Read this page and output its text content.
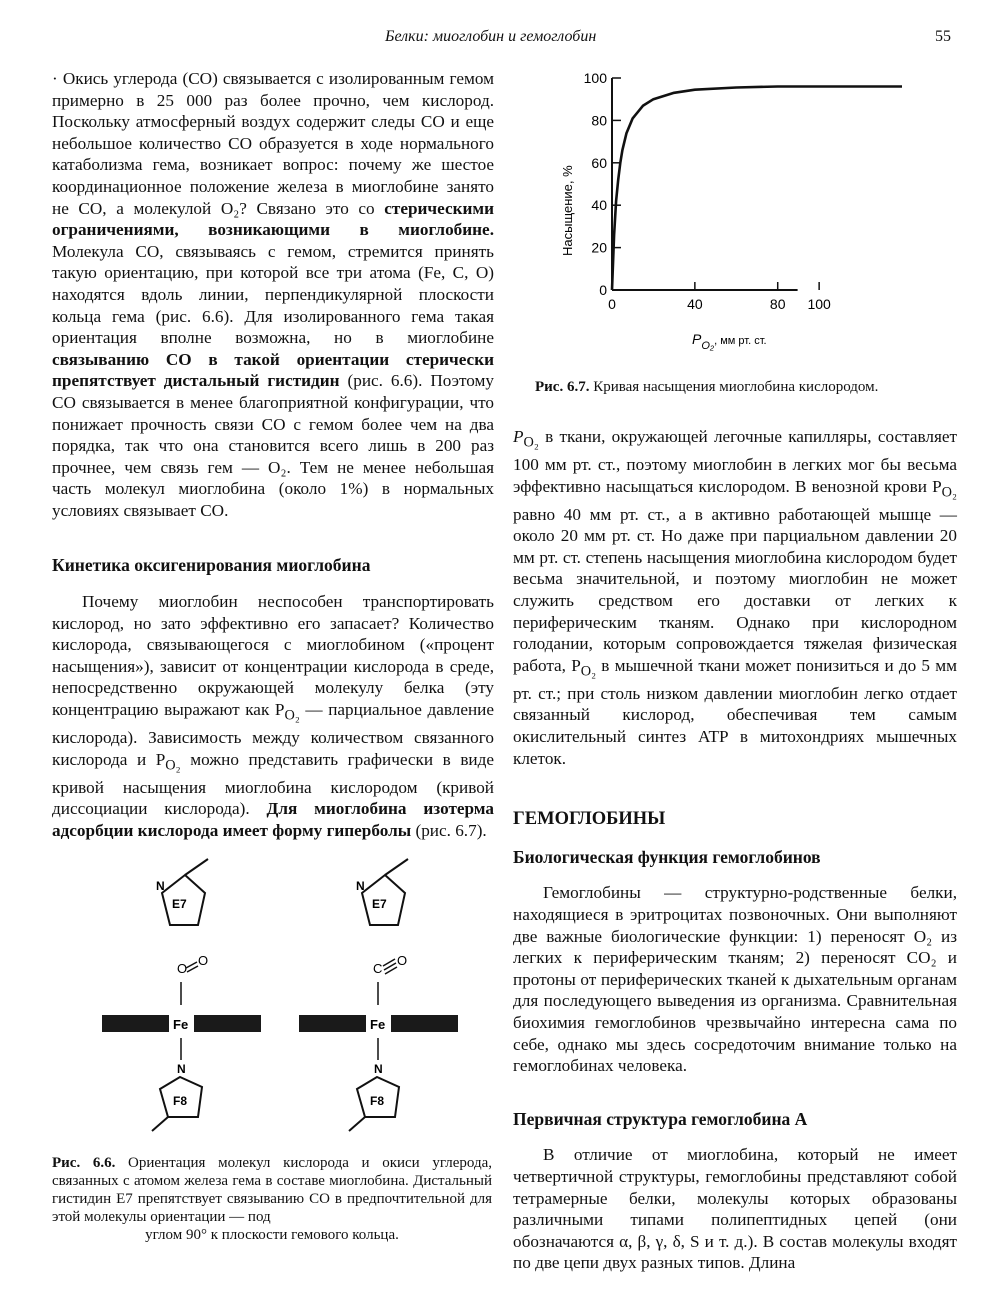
Белки: миоглобин и гемоглобин	55

· Окись углерода (CO) связывается с изолированным гемом примерно в 25 000 раз более прочно, чем кислород. Поскольку атмосферный воздух содержит следы CO и еще небольшое количество CO образуется в ходе нормального катаболизма гема, возникает вопрос: почему же шестое координационное положение железа в миоглобине занято не CO, а молекулой O₂? Связано это со стерическими ограничениями, возникающими в миоглобине. Молекула CO, связываясь с гемом, стремится принять такую ориентацию, при которой все три атома (Fe, C, O) находятся вдоль линии, перпендикулярной плоскости кольца гема (рис. 6.6). Для изолированного гема такая ориентация вполне возможна, но в миоглобине связыванию CO в такой ориентации стерически препятствует дистальный гистидин (рис. 6.6). Поэтому CO связывается в менее благоприятной конфигурации, что понижает прочность связи CO с гемом более чем на два порядка, так что она становится всего лишь в 200 раз прочнее, чем связь гем — O₂. Тем не менее небольшая часть молекул миоглобина (около 1%) в нормальных условиях связывает CO.

Кинетика оксигенирования миоглобина

Почему миоглобин неспособен транспортировать кислород, но зато эффективно его запасает? Количество кислорода, связывающегося с миоглобином («процент насыщения»), зависит от концентрации кислорода в среде, непосредственно окружающей молекулу белка (эту концентрацию выражают как $P_{O_2}$ — парциальное давление кислорода). Зависимость между количеством связанного кислорода и $P_{O_2}$ можно представить графически в виде кривой насыщения миоглобина кислородом (кривой диссоциации кислорода). Для миоглобина изотерма адсорбции кислорода имеет форму гиперболы (рис. 6.7).

Насыщение, %
$P_{O_2}^{, мм рт. ст.}$
0
20
40
60
80
100
0	40	80 100
Рис. 6.7. Кривая насыщения миоглобина кислородом.
N
E7
O
O
Fe
N
F8
N
E7
C
O
Fe
N
F8
Рис. 6.6. Ориентация молекул кислорода и окиси углерода, связанных с атомом железа гема в составе миоглобина. Дистальный гистидин E7 препятствует связыванию CO в предпочтительной для этой молекулы ориентации — под
углом 90° к плоскости гемового кольца.

$P_{O_2}$ в ткани, окружающей легочные капилляры, составляет 100 мм рт. ст., поэтому миоглобин в легких мог бы весьма эффективно насыщаться кислородом. В венозной крови $P_{O_2}$ равно 40 мм рт. ст., а в активно работающей мышце — около 20 мм рт. ст. Но даже при парциальном давлении 20 мм рт. ст. степень насыщения миоглобина кислородом будет весьма значительной, и поэтому миоглобин не может служить средством его доставки от легких к периферическим тканям. Однако при кислородном голодании, которым сопровождается тяжелая физическая работа, $P_{O_2}$ в мышечной ткани может понизиться и до 5 мм рт. ст.; при столь низком давлении миоглобин легко отдает связанный кислород, обеспечивая тем самым окислительный синтез ATP в митохондриях мышечных клеток.

ГЕМОГЛОБИНЫ
Биологическая функция гемоглобинов

Гемоглобины — структурно-родственные белки, находящиеся в эритроцитах позвоночных. Они выполняют две важные биологические функции: 1) переносят O₂ из легких к периферическим тканям; 2) переносят CO₂ и протоны от периферических тканей к дыхательным органам для последующего выведения из организма. Сравнительная биохимия гемоглобинов чрезвычайно интересна сама по себе, однако мы здесь сосредоточим внимание только на гемоглобинах человека.

Первичная структура гемоглобина A

В отличие от миоглобина, который не имеет четвертичной структуры, гемоглобины представляют собой тетрамерные белки, молекулы которых образованы различными типами полипептидных цепей (они обозначаются α, β, γ, δ, S и т. д.). В состав молекулы входят по две цепи двух разных типов. Длина
